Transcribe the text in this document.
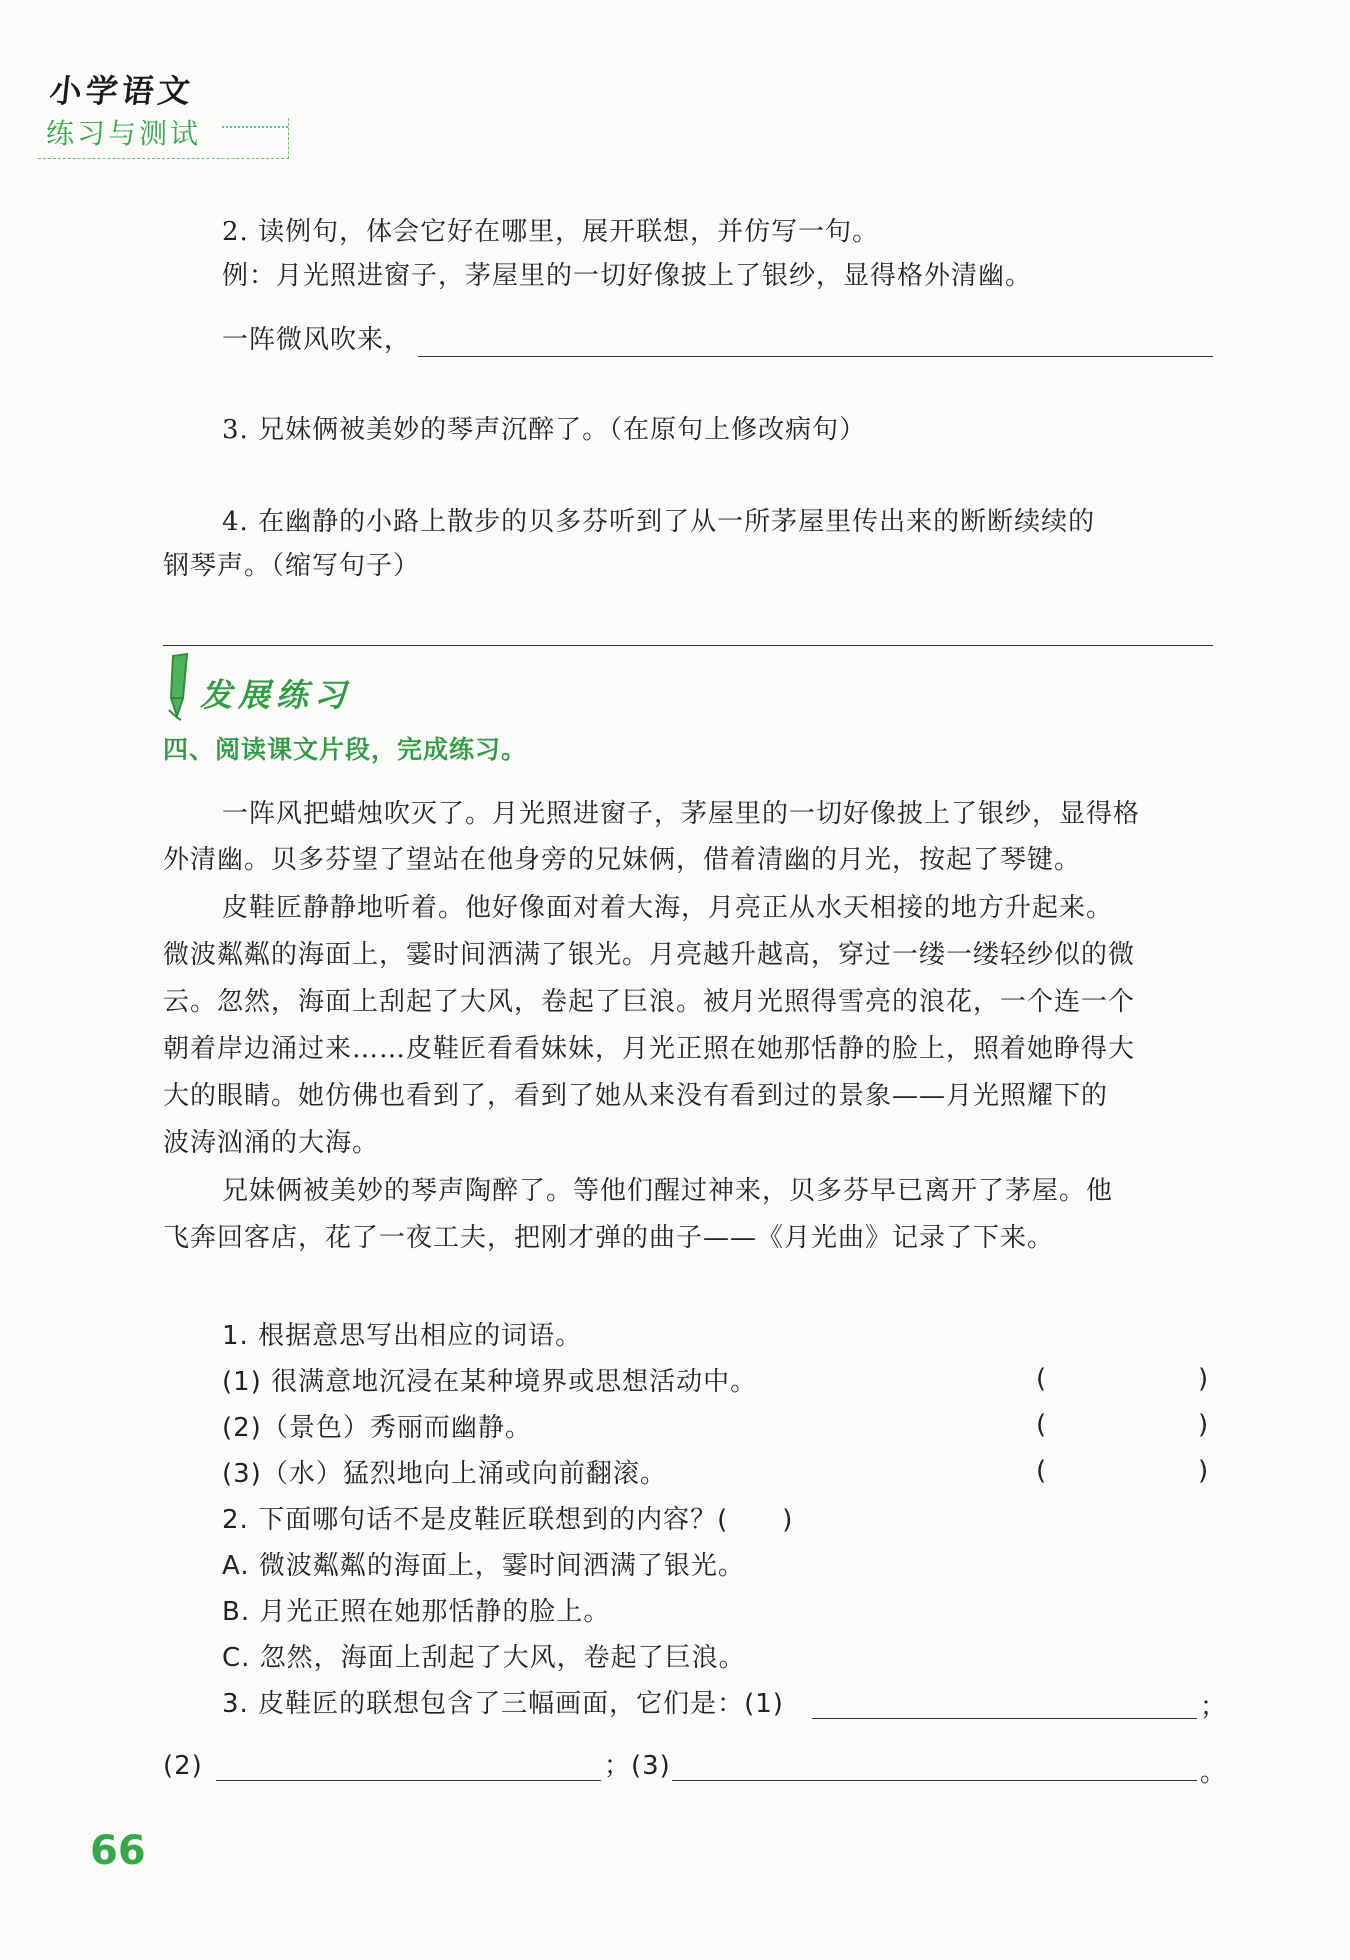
小学语文
练习与测试
2. 读例句，体会它好在哪里，展开联想，并仿写一句。
例：月光照进窗子，茅屋里的一切好像披上了银纱，显得格外清幽。
一阵微风吹来，
3. 兄妹俩被美妙的琴声沉醉了。（在原句上修改病句）
4. 在幽静的小路上散步的贝多芬听到了从一所茅屋里传出来的断断续续的
钢琴声。（缩写句子）
发展练习
四、阅读课文片段，完成练习。
一阵风把蜡烛吹灭了。月光照进窗子，茅屋里的一切好像披上了银纱，显得格
外清幽。贝多芬望了望站在他身旁的兄妹俩，借着清幽的月光，按起了琴键。
皮鞋匠静静地听着。他好像面对着大海，月亮正从水天相接的地方升起来。
微波粼粼的海面上，霎时间洒满了银光。月亮越升越高，穿过一缕一缕轻纱似的微
云。忽然，海面上刮起了大风，卷起了巨浪。被月光照得雪亮的浪花，一个连一个
朝着岸边涌过来……皮鞋匠看看妹妹，月光正照在她那恬静的脸上，照着她睁得大
大的眼睛。她仿佛也看到了，看到了她从来没有看到过的景象——月光照耀下的
波涛汹涌的大海。
兄妹俩被美妙的琴声陶醉了。等他们醒过神来，贝多芬早已离开了茅屋。他
飞奔回客店，花了一夜工夫，把刚才弹的曲子——《月光曲》记录了下来。
1. 根据意思写出相应的词语。
(1) 很满意地沉浸在某种境界或思想活动中。	(	)
(2)（景色）秀丽而幽静。	(	)
(3)（水）猛烈地向上涌或向前翻滚。	(	)
2. 下面哪句话不是皮鞋匠联想到的内容？(　　)
A. 微波粼粼的海面上，霎时间洒满了银光。
B. 月光正照在她那恬静的脸上。
C. 忽然，海面上刮起了大风，卷起了巨浪。
3. 皮鞋匠的联想包含了三幅画面，它们是：(1)	；
(2)	；(3)	。
66
